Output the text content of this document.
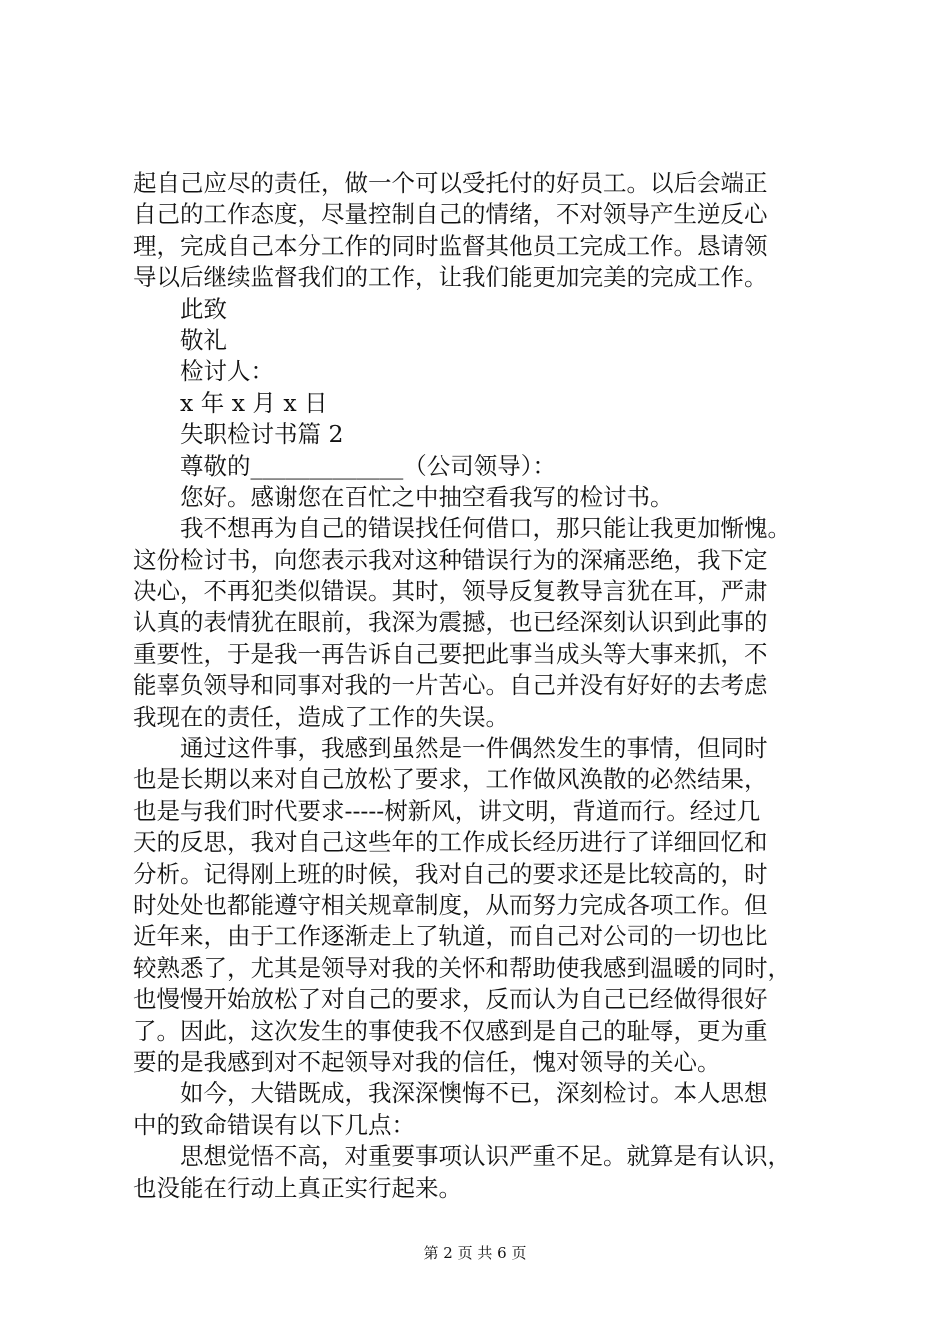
起自己应尽的责任，做一个可以受托付的好员工。以后会端正
自己的工作态度，尽量控制自己的情绪，不对领导产生逆反心
理，完成自己本分工作的同时监督其他员工完成工作。恳请领
导以后继续监督我们的工作，让我们能更加完美的完成工作。
此致
敬礼
检讨人：
x 年 x 月 x 日
失职检讨书篇 2
尊敬的_____________（公司领导）：
您好。感谢您在百忙之中抽空看我写的检讨书。
我不想再为自己的错误找任何借口，那只能让我更加惭愧。
这份检讨书，向您表示我对这种错误行为的深痛恶绝，我下定
决心，不再犯类似错误。其时，领导反复教导言犹在耳，严肃
认真的表情犹在眼前，我深为震撼，也已经深刻认识到此事的
重要性，于是我一再告诉自己要把此事当成头等大事来抓，不
能辜负领导和同事对我的一片苦心。自己并没有好好的去考虑
我现在的责任，造成了工作的失误。
通过这件事，我感到虽然是一件偶然发生的事情，但同时
也是长期以来对自己放松了要求，工作做风涣散的必然结果，
也是与我们时代要求-----树新风，讲文明，背道而行。经过几
天的反思，我对自己这些年的工作成长经历进行了详细回忆和
分析。记得刚上班的时候，我对自己的要求还是比较高的，时
时处处也都能遵守相关规章制度，从而努力完成各项工作。但
近年来，由于工作逐渐走上了轨道，而自己对公司的一切也比
较熟悉了，尤其是领导对我的关怀和帮助使我感到温暖的同时，
也慢慢开始放松了对自己的要求，反而认为自己已经做得很好
了。因此，这次发生的事使我不仅感到是自己的耻辱，更为重
要的是我感到对不起领导对我的信任，愧对领导的关心。
如今，大错既成，我深深懊悔不已，深刻检讨。本人思想
中的致命错误有以下几点：
思想觉悟不高，对重要事项认识严重不足。就算是有认识，
也没能在行动上真正实行起来。
第 2 页 共 6 页
